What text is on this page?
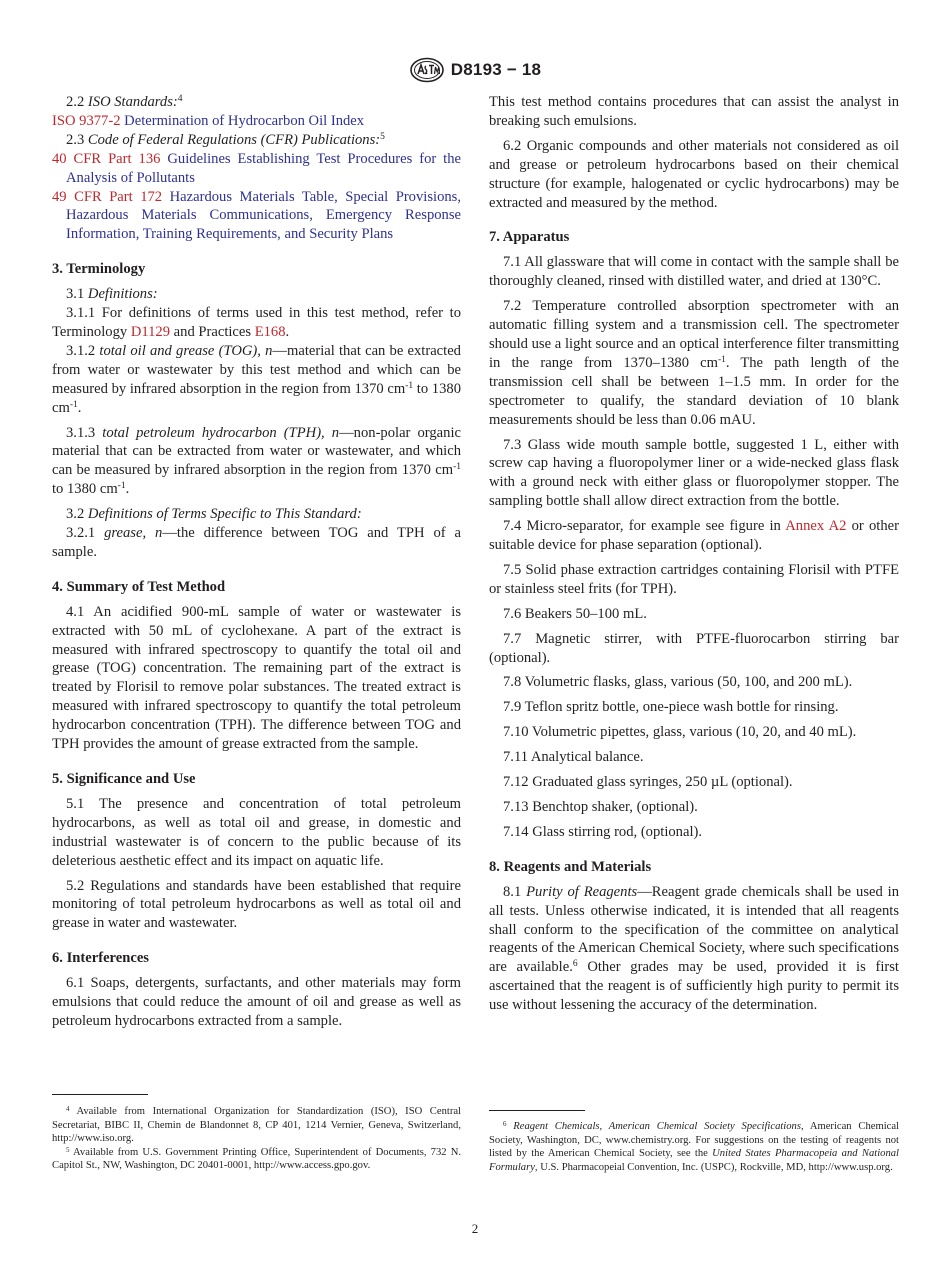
D8193 − 18

2.2 ISO Standards:$^4$

ISO 9377-2 Determination of Hydrocarbon Oil Index

2.3 Code of Federal Regulations (CFR) Publications:$^5$

40 CFR Part 136 Guidelines Establishing Test Procedures for the Analysis of Pollutants

49 CFR Part 172 Hazardous Materials Table, Special Provisions, Hazardous Materials Communications, Emergency Response Information, Training Requirements, and Security Plans

3. Terminology

3.1 Definitions:

3.1.1 For definitions of terms used in this test method, refer to Terminology D1129 and Practices E168.

3.1.2 total oil and grease (TOG), n—material that can be extracted from water or wastewater by this test method and which can be measured by infrared absorption in the region from 1370 $cm^{-1}$ to 1380 $cm^{-1}$.

3.1.3 total petroleum hydrocarbon (TPH), n—non-polar organic material that can be extracted from water or wastewater, and which can be measured by infrared absorption in the region from 1370 $cm^{-1}$ to 1380 $cm^{-1}$.

3.2 Definitions of Terms Specific to This Standard:

3.2.1 grease, n—the difference between TOG and TPH of a sample.

4. Summary of Test Method

4.1 An acidified 900-mL sample of water or wastewater is extracted with 50 mL of cyclohexane. A part of the extract is measured with infrared spectroscopy to quantify the total oil and grease (TOG) concentration. The remaining part of the extract is treated by Florisil to remove polar substances. The treated extract is measured with infrared spectroscopy to quantify the total petroleum hydrocarbon concentration (TPH). The difference between TOG and TPH provides the amount of grease extracted from the sample.

5. Significance and Use

5.1 The presence and concentration of total petroleum hydrocarbons, as well as total oil and grease, in domestic and industrial wastewater is of concern to the public because of its deleterious aesthetic effect and its impact on aquatic life.

5.2 Regulations and standards have been established that require monitoring of total petroleum hydrocarbons as well as total oil and grease in water and wastewater.

6. Interferences

6.1 Soaps, detergents, surfactants, and other materials may form emulsions that could reduce the amount of oil and grease as well as petroleum hydrocarbons extracted from a sample.

This test method contains procedures that can assist the analyst in breaking such emulsions.

6.2 Organic compounds and other materials not considered as oil and grease or petroleum hydrocarbons based on their chemical structure (for example, halogenated or cyclic hydrocarbons) may be extracted and measured by the method.

7. Apparatus

7.1 All glassware that will come in contact with the sample shall be thoroughly cleaned, rinsed with distilled water, and dried at 130°C.

7.2 Temperature controlled absorption spectrometer with an automatic filling system and a transmission cell. The spectrometer should use a light source and an optical interference filter transmitting in the range from 1370–1380 $cm^{-1}$. The path length of the transmission cell shall be between 1–1.5 mm. In order for the spectrometer to qualify, the standard deviation of 10 blank measurements should be less than 0.06 mAU.

7.3 Glass wide mouth sample bottle, suggested 1 L, either with screw cap having a fluoropolymer liner or a wide-necked glass flask with a ground neck with either glass or fluoropolymer stopper. The sampling bottle shall allow direct extraction from the bottle.

7.4 Micro-separator, for example see figure in Annex A2 or other suitable device for phase separation (optional).

7.5 Solid phase extraction cartridges containing Florisil with PTFE or stainless steel frits (for TPH).

7.6 Beakers 50–100 mL.

7.7 Magnetic stirrer, with PTFE-fluorocarbon stirring bar (optional).

7.8 Volumetric flasks, glass, various (50, 100, and 200 mL).

7.9 Teflon spritz bottle, one-piece wash bottle for rinsing.

7.10 Volumetric pipettes, glass, various (10, 20, and 40 mL).

7.11 Analytical balance.

7.12 Graduated glass syringes, 250 µL (optional).

7.13 Benchtop shaker, (optional).

7.14 Glass stirring rod, (optional).

8. Reagents and Materials

8.1 Purity of Reagents—Reagent grade chemicals shall be used in all tests. Unless otherwise indicated, it is intended that all reagents shall conform to the specification of the committee on analytical reagents of the American Chemical Society, where such specifications are available.$^6$ Other grades may be used, provided it is first ascertained that the reagent is of sufficiently high purity to permit its use without lessening the accuracy of the determination.

$^4$ Available from International Organization for Standardization (ISO), ISO Central Secretariat, BIBC II, Chemin de Blandonnet 8, CP 401, 1214 Vernier, Geneva, Switzerland, http://www.iso.org.

$^5$ Available from U.S. Government Printing Office, Superintendent of Documents, 732 N. Capitol St., NW, Washington, DC 20401-0001, http://www.access.gpo.gov.

$^6$ Reagent Chemicals, American Chemical Society Specifications, American Chemical Society, Washington, DC, www.chemistry.org. For suggestions on the testing of reagents not listed by the American Chemical Society, see the United States Pharmacopeia and National Formulary, U.S. Pharmacopeial Convention, Inc. (USPC), Rockville, MD, http://www.usp.org.

2
